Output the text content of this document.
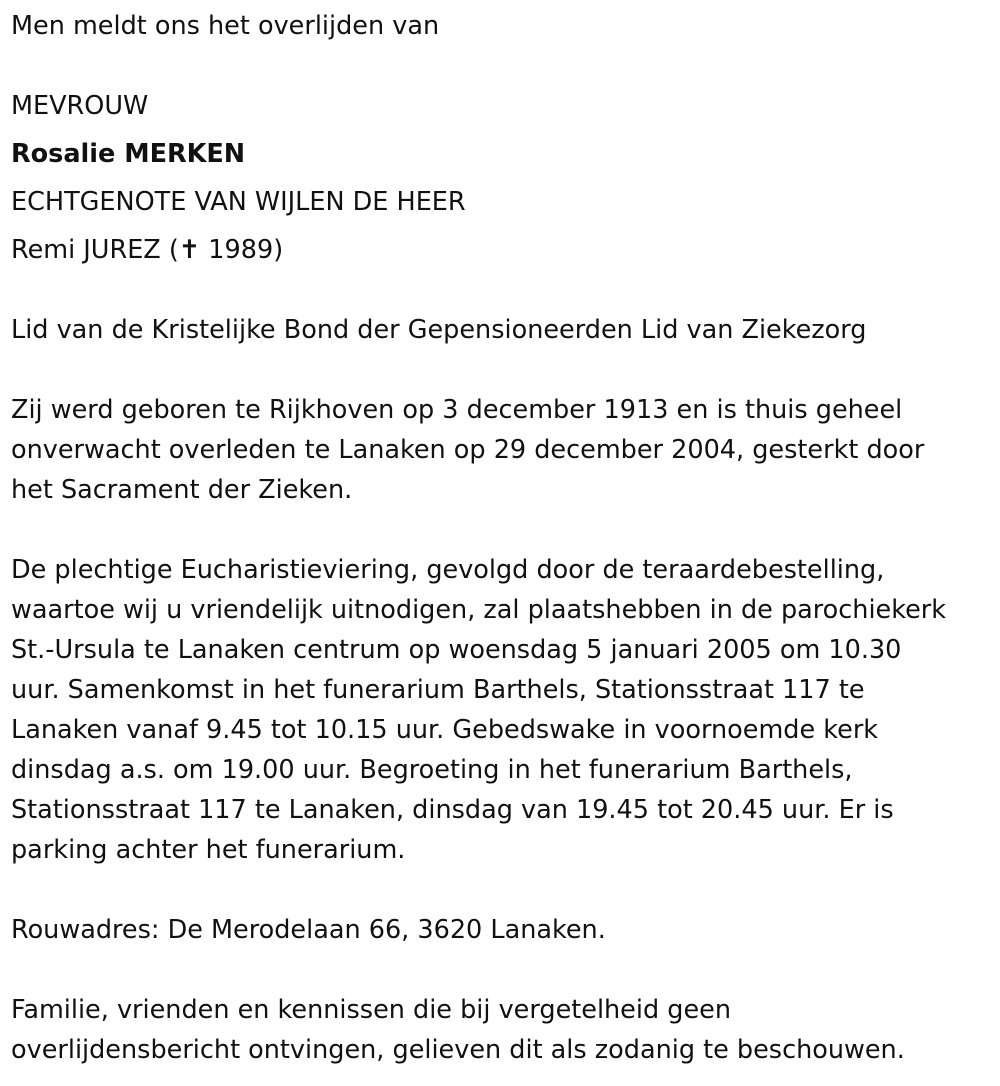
Men meldt ons het overlijden van
MEVROUW
Rosalie MERKEN
ECHTGENOTE VAN WIJLEN DE HEER
Remi JUREZ (✝ 1989)
Lid van de Kristelijke Bond der Gepensioneerden Lid van Ziekezorg
Zij werd geboren te Rijkhoven op 3 december 1913 en is thuis geheel
onverwacht overleden te Lanaken op 29 december 2004, gesterkt door
het Sacrament der Zieken.
De plechtige Eucharistieviering, gevolgd door de teraardebestelling,
waartoe wij u vriendelijk uitnodigen, zal plaatshebben in de parochiekerk
St.-Ursula te Lanaken centrum op woensdag 5 januari 2005 om 10.30
uur. Samenkomst in het funerarium Barthels, Stationsstraat 117 te
Lanaken vanaf 9.45 tot 10.15 uur. Gebedswake in voornoemde kerk
dinsdag a.s. om 19.00 uur. Begroeting in het funerarium Barthels,
Stationsstraat 117 te Lanaken, dinsdag van 19.45 tot 20.45 uur. Er is
parking achter het funerarium.
Rouwadres: De Merodelaan 66, 3620 Lanaken.
Familie, vrienden en kennissen die bij vergetelheid geen
overlijdensbericht ontvingen, gelieven dit als zodanig te beschouwen.
